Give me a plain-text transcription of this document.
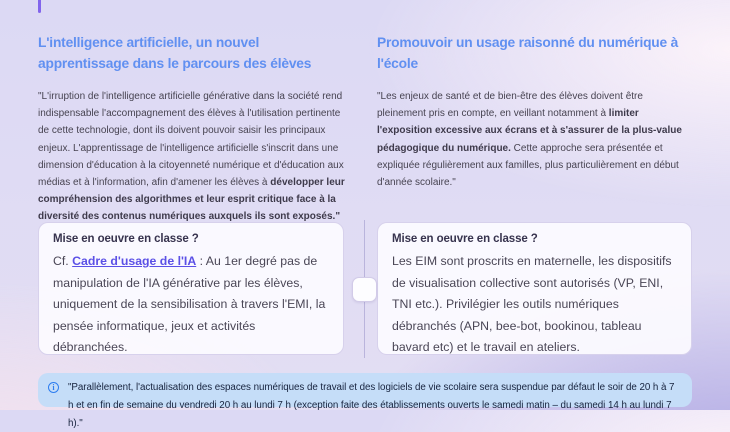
L'intelligence artificielle, un nouvel apprentissage dans le parcours des élèves

"L'irruption de l'intelligence artificielle générative dans la société rend indispensable l'accompagnement des élèves à l'utilisation pertinente de cette technologie, dont ils doivent pouvoir saisir les principaux enjeux. L'apprentissage de l'intelligence artificielle s'inscrit dans une dimension d'éducation à la citoyenneté numérique et d'éducation aux médias et à l'information, afin d'amener les élèves à développer leur compréhension des algorithmes et leur esprit critique face à la diversité des contenus numériques auxquels ils sont exposés."

Promouvoir un usage raisonné du numérique à l'école

"Les enjeux de santé et de bien-être des élèves doivent être pleinement pris en compte, en veillant notamment à limiter l'exposition excessive aux écrans et à s'assurer de la plus-value pédagogique du numérique. Cette approche sera présentée et expliquée régulièrement aux familles, plus particulièrement en début d'année scolaire."

Mise en oeuvre en classe ?

Cf. Cadre d'usage de l'IA : Au 1er degré pas de manipulation de l'IA générative par les élèves, uniquement de la sensibilisation à travers l'EMI, la pensée informatique, jeux et activités débranchées.

Mise en oeuvre en classe ?

Les EIM sont proscrits en maternelle, les dispositifs de visualisation collective sont autorisés (VP, ENI, TNI etc.). Privilégier les outils numériques débranchés (APN, bee-bot, bookinou, tableau bavard etc) et le travail en ateliers.

i	"Parallèlement, l'actualisation des espaces numériques de travail et des logiciels de vie scolaire sera suspendue par défaut le soir de 20 h à 7 h et en fin de semaine du vendredi 20 h au lundi 7 h (exception faite des établissements ouverts le samedi matin – du samedi 14 h au lundi 7 h)."
